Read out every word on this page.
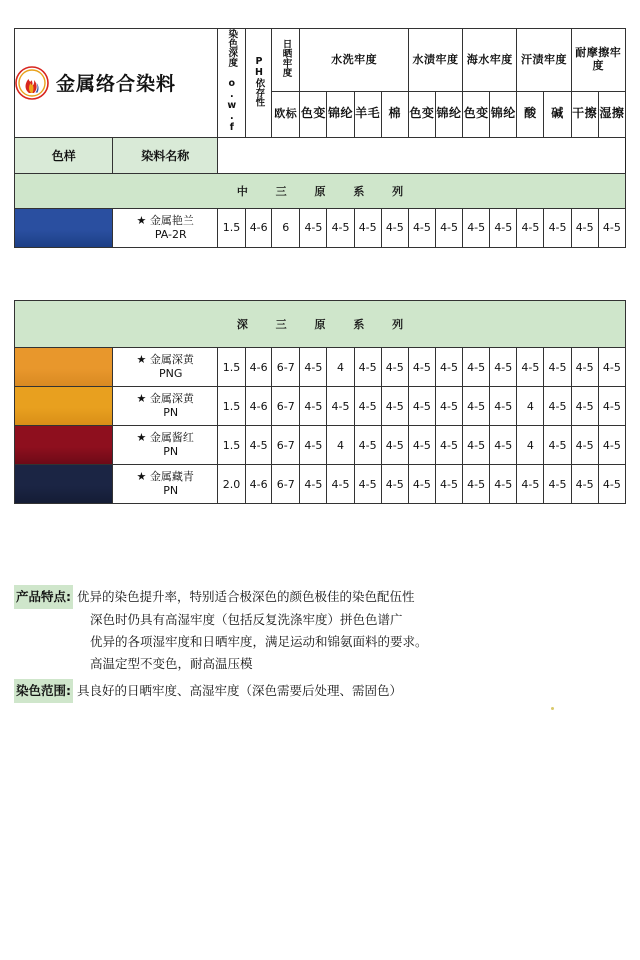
金属络合染料		染色深度 o.w.f	PH依存性	日晒牢度	水洗牢度				水渍牢度		海水牢度		汗渍牢度		耐摩擦牢度	
				欧标	色变	锦纶	羊毛	棉	色变	锦纶	色变	锦纶	酸	碱	干擦	湿擦
色样	染料名称															
中 三 原 系 列																

	★ 金属艳兰
PA-2R	1.5	4-6	6	4-5	4-5	4-5	4-5	4-5	4-5	4-5	4-5	4-5	4-5	4-5	4-5
深 三 原 系 列																

	★ 金属深黄
PNG	1.5	4-6	6-7	4-5	4	4-5	4-5	4-5	4-5	4-5	4-5	4-5	4-5	4-5	4-5

	★ 金属深黄
PN	1.5	4-6	6-7	4-5	4-5	4-5	4-5	4-5	4-5	4-5	4-5	4	4-5	4-5	4-5

	★ 金属酱红
PN	1.5	4-5	6-7	4-5	4	4-5	4-5	4-5	4-5	4-5	4-5	4	4-5	4-5	4-5

	★ 金属藏青
PN	2.0	4-6	6-7	4-5	4-5	4-5	4-5	4-5	4-5	4-5	4-5	4-5	4-5	4-5	4-5
产品特点: 优异的染色提升率，特别适合极深色的颜色极佳的染色配伍性
深色时仍具有高湿牢度（包括反复洗涤牢度）拼色色谱广
优异的各项湿牢度和日晒牢度，满足运动和锦氨面料的要求。
高温定型不变色，耐高温压模
染色范围: 具良好的日晒牢度、高湿牢度（深色需要后处理、需固色）
